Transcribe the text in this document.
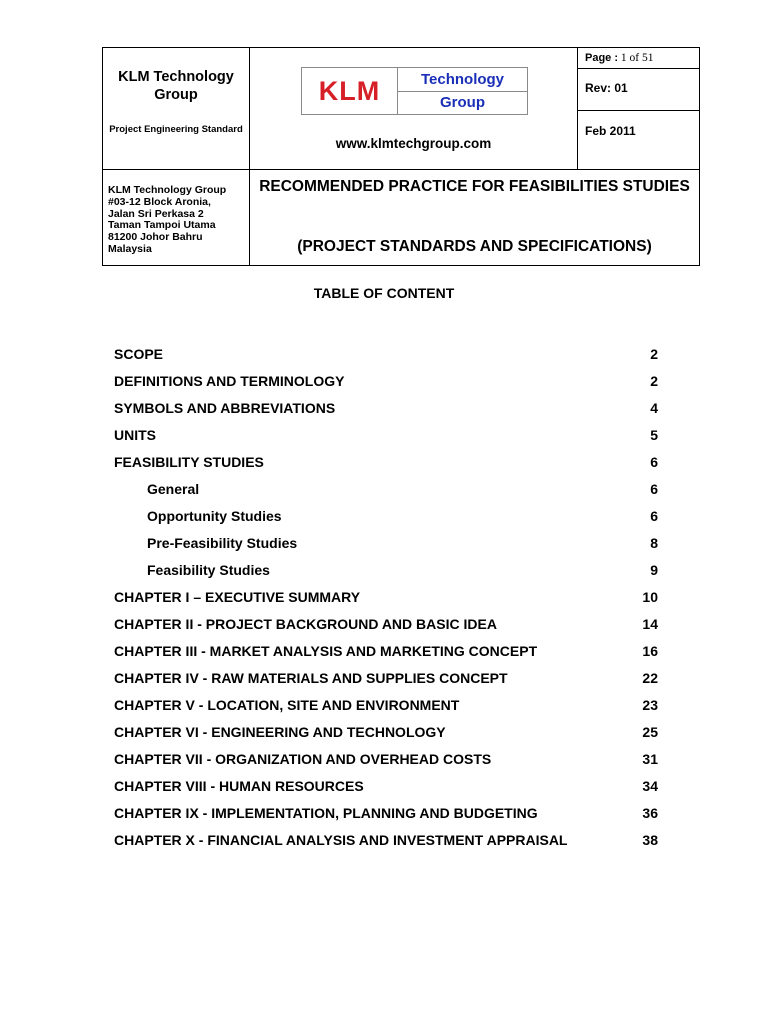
KLM Technology Group
Project Engineering Standard
KLM Technology Group
#03-12 Block Aronia,
Jalan Sri Perkasa 2
Taman Tampoi Utama
81200 Johor Bahru
Malaysia
KLM	Technology
Group
www.klmtechgroup.com
Page : 1 of 51
Rev: 01
Feb 2011
RECOMMENDED PRACTICE FOR FEASIBILITIES STUDIES
(PROJECT STANDARDS AND SPECIFICATIONS)
TABLE OF CONTENT
SCOPE	2
DEFINITIONS AND TERMINOLOGY	2
SYMBOLS AND ABBREVIATIONS	4
UNITS	5
FEASIBILITY STUDIES	6
General	6
Opportunity Studies	6
Pre-Feasibility Studies	8
Feasibility Studies	9
CHAPTER I – EXECUTIVE SUMMARY	10
CHAPTER II - PROJECT BACKGROUND AND BASIC IDEA	14
CHAPTER III - MARKET ANALYSIS AND MARKETING CONCEPT	16
CHAPTER IV - RAW MATERIALS AND SUPPLIES CONCEPT	22
CHAPTER V - LOCATION, SITE AND ENVIRONMENT	23
CHAPTER VI - ENGINEERING AND TECHNOLOGY	25
CHAPTER VII - ORGANIZATION AND OVERHEAD COSTS	31
CHAPTER VIII - HUMAN RESOURCES	34
CHAPTER IX - IMPLEMENTATION, PLANNING AND BUDGETING	36
CHAPTER X - FINANCIAL ANALYSIS AND INVESTMENT APPRAISAL	38
